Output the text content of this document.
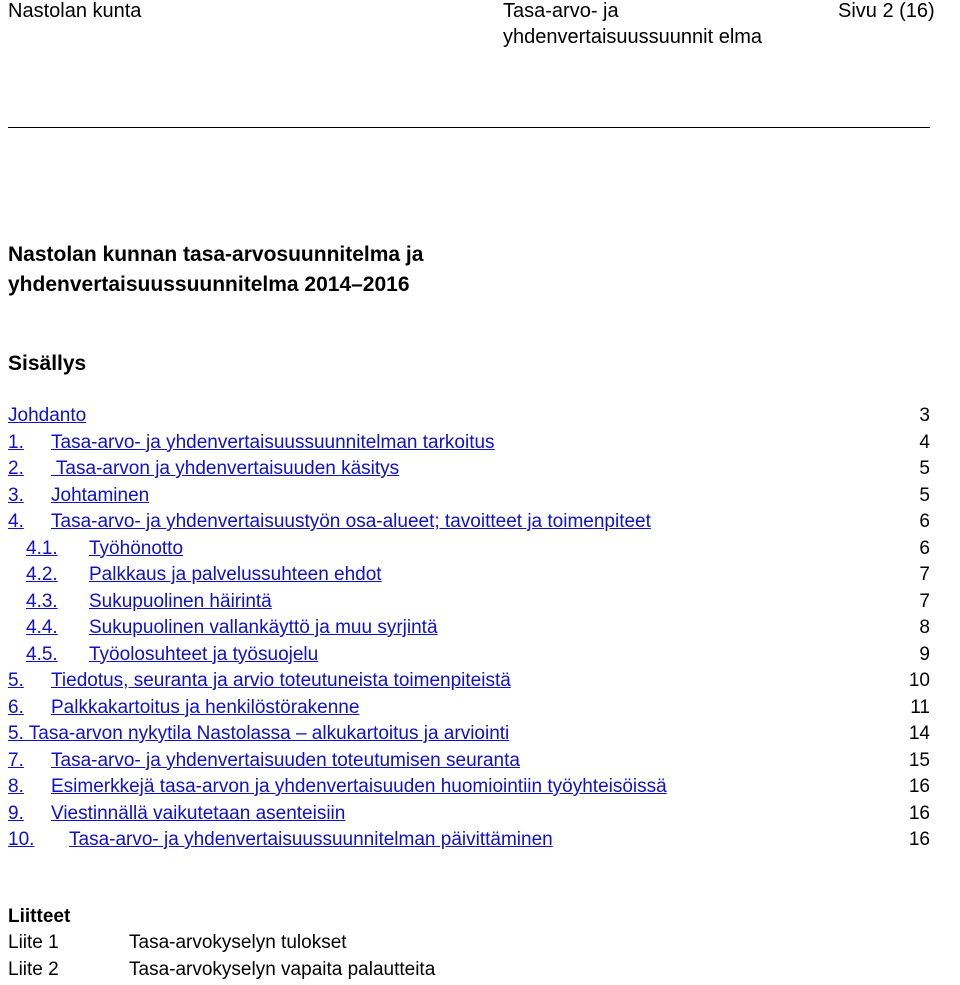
Nastolan kunta	Tasa-arvo- ja yhdenvertaisuussuunnit elma
Sivu 2 (16)
Nastolan kunnan tasa-arvosuunnitelma ja yhdenvertaisuussuunnitelma 2014–2016
Sisällys
Johdanto	3
1. Tasa-arvo- ja yhdenvertaisuussuunnitelman tarkoitus	4
2. Tasa-arvon ja yhdenvertaisuuden käsitys	5
3. Johtaminen	5
4. Tasa-arvo- ja yhdenvertaisuustyön osa-alueet; tavoitteet ja toimenpiteet	6
4.1. Työhönotto	6
4.2. Palkkaus ja palvelussuhteen ehdot	7
4.3. Sukupuolinen häirintä	7
4.4. Sukupuolinen vallankäyttö ja muu syrjintä	8
4.5. Työolosuhteet ja työsuojelu	9
5. Tiedotus, seuranta ja arvio toteutuneista toimenpiteistä	10
6. Palkkakartoitus ja henkilöstörakenne	11
5. Tasa-arvon nykytila Nastolassa – alkukartoitus ja arviointi	14
7. Tasa-arvo- ja yhdenvertaisuuden toteutumisen seuranta	15
8. Esimerkkejä tasa-arvon ja yhdenvertaisuuden huomiointiin työyhteisöissä	16
9. Viestinnällä vaikutetaan asenteisiin	16
10. Tasa-arvo- ja yhdenvertaisuussuunnitelman päivittäminen	16
Liitteet
Liite 1	Tasa-arvokyselyn tulokset
Liite 2	Tasa-arvokyselyn vapaita palautteita
